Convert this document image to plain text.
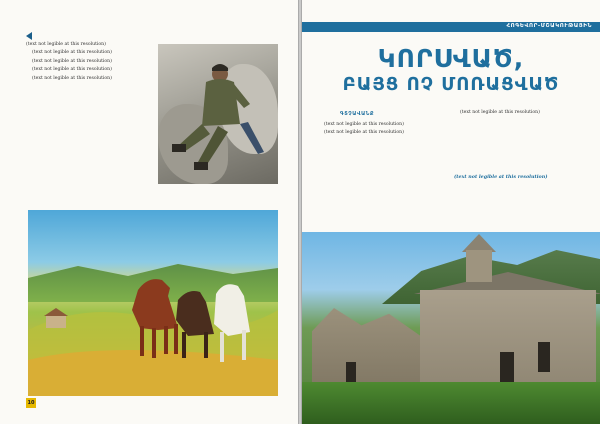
(text not legible at this resolution)

(text not legible at this resolution)

(text not legible at this resolution)

(text not legible at this resolution)

(text not legible at this resolution)

10
ՀՈԳԵՎՈՐ-ՄՇԱԿՈՒԹԱՅԻՆ
ԿՈՐՍՎԱԾ,
ԲԱՅՑ ՈՉ ՄՈՌԱՑՎԱԾ
ԳՏՉԱՎԱՆՔ

(text not legible at this resolution)

(text not legible at this resolution)

(text not legible at this resolution)

(text not legible at this resolution)
